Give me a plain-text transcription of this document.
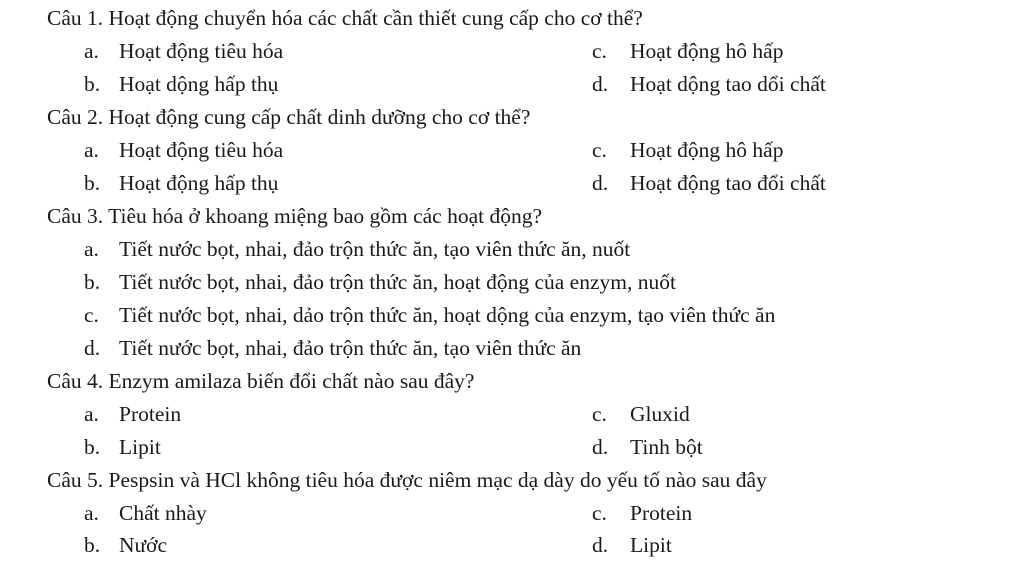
Câu 1. Hoạt động chuyển hóa các chất cần thiết cung cấp cho cơ thể?
a. Hoạt động tiêu hóa	c. Hoạt động hô hấp
b. Hoạt dộng hấp thụ	d. Hoạt dộng tao dổi chất
Câu 2. Hoạt động cung cấp chất dinh dưỡng cho cơ thể?
a. Hoạt động tiêu hóa	c. Hoạt động hô hấp
b. Hoạt động hấp thụ	d. Hoạt động tao đổi chất
Câu 3. Tiêu hóa ở khoang miệng bao gồm các hoạt động?
a. Tiết nước bọt, nhai, đảo trộn thức ăn, tạo viên thức ăn, nuốt
b. Tiết nước bọt, nhai, đảo trộn thức ăn, hoạt động của enzym, nuốt
c. Tiết nước bọt, nhai, dảo trộn thức ăn, hoạt dộng của enzym, tạo viên thức ăn
d. Tiết nước bọt, nhai, đảo trộn thức ăn, tạo viên thức ăn
Câu 4. Enzym amilaza biến đổi chất nào sau đây?
a. Protein	c. Gluxid
b. Lipit	d. Tinh bột
Câu 5. Pespsin và HCl không tiêu hóa được niêm mạc dạ dày do yếu tố nào sau đây
a. Chất nhày	c. Protein
b. Nước	d. Lipit
